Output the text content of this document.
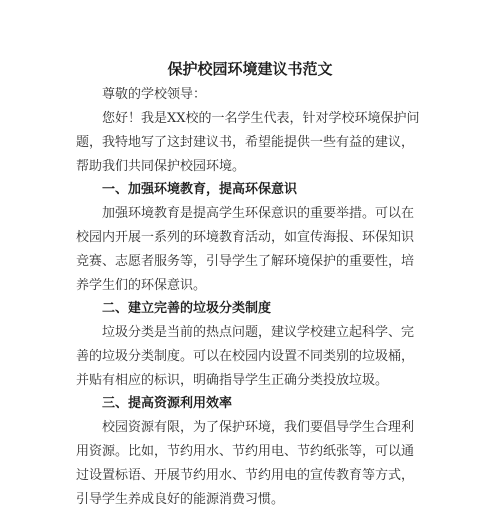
保护校园环境建议书范文
尊敬的学校领导：
您好！我是XX校的一名学生代表，针对学校环境保护问题，我特地写了这封建议书，希望能提供一些有益的建议，帮助我们共同保护校园环境。
一、加强环境教育，提高环保意识
加强环境教育是提高学生环保意识的重要举措。可以在校园内开展一系列的环境教育活动，如宣传海报、环保知识竞赛、志愿者服务等，引导学生了解环境保护的重要性，培养学生们的环保意识。
二、建立完善的垃圾分类制度
垃圾分类是当前的热点问题，建议学校建立起科学、完善的垃圾分类制度。可以在校园内设置不同类别的垃圾桶，并贴有相应的标识，明确指导学生正确分类投放垃圾。
三、提高资源利用效率
校园资源有限，为了保护环境，我们要倡导学生合理利用资源。比如，节约用水、节约用电、节约纸张等，可以通过设置标语、开展节约用水、节约用电的宣传教育等方式，引导学生养成良好的能源消费习惯。
